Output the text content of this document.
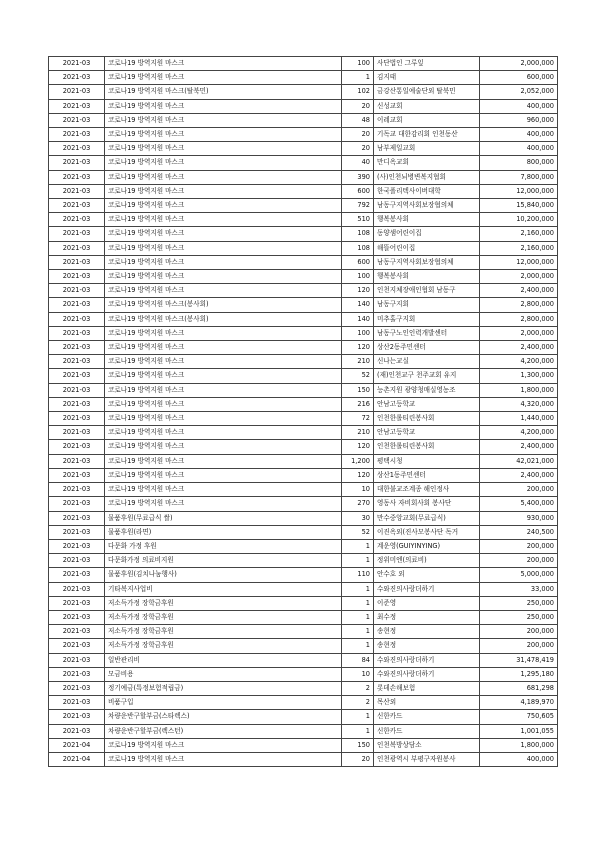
2021-03	코로나19 방역지원 마스크	100	사단법인 그루잎	2,000,000
2021-03	코로나19 방역지원 마스크	1	김지태	600,000
2021-03	코로나19 방역지원 마스크(탈북민)	102	금강산통일예술단외 탈북민	2,052,000
2021-03	코로나19 방역지원 마스크	20	신성교회	400,000
2021-03	코로나19 방역지원 마스크	48	이레교회	960,000
2021-03	코로나19 방역지원 마스크	20	기독교 대한감리회 인천동산	400,000
2021-03	코로나19 방역지원 마스크	20	남부제일교회	400,000
2021-03	코로나19 방역지원 마스크	40	만디옥교회	800,000
2021-03	코로나19 방역지원 마스크	390	(사)인천뇌병변복지협회	7,800,000
2021-03	코로나19 방역지원 마스크	600	한국폴리텍사이버대학	12,000,000
2021-03	코로나19 방역지원 마스크	792	남동구지역사회보장협의체	15,840,000
2021-03	코로나19 방역지원 마스크	510	행복봉사회	10,200,000
2021-03	코로나19 방역지원 마스크	108	동양샘어린이집	2,160,000
2021-03	코로나19 방역지원 마스크	108	해뜰어린이집	2,160,000
2021-03	코로나19 방역지원 마스크	600	남동구지역사회보장협의체	12,000,000
2021-03	코로나19 방역지원 마스크	100	행복봉사회	2,000,000
2021-03	코로나19 방역지원 마스크	120	인천지체장애인협회 남동구	2,400,000
2021-03	코로나19 방역지원 마스크(봉사회)	140	남동구지회	2,800,000
2021-03	코로나19 방역지원 마스크(봉사회)	140	미추홀구지회	2,800,000
2021-03	코로나19 방역지원 마스크	100	남동구노인인력개발센터	2,000,000
2021-03	코로나19 방역지원 마스크	120	상산2동주민센터	2,400,000
2021-03	코로나19 방역지원 마스크	210	신나는교실	4,200,000
2021-03	코로나19 방역지원 마스크	52	(재)인천교구 천주교회 유지	1,300,000
2021-03	코로나19 방역지원 마스크	150	능촌지원 광양청매실영농조	1,800,000
2021-03	코로나19 방역지원 마스크	216	안남고등학교	4,320,000
2021-03	코로나19 방역지원 마스크	72	인천한롤티린봉사회	1,440,000
2021-03	코로나19 방역지원 마스크	210	안남고등학교	4,200,000
2021-03	코로나19 방역지원 마스크	120	인천한롤티린봉사회	2,400,000
2021-03	코로나19 방역지원 마스크	1,200	평택시청	42,021,000
2021-03	코로나19 방역지원 마스크	120	상산1동주민센터	2,400,000
2021-03	코로나19 방역지원 마스크	10	대한불교조계종 해인정사	200,000
2021-03	코로나19 방역지원 마스크	270	영동사 자비회사회 봉사단	5,400,000
2021-03	물품후원(무료급식 쌀)	30	만수중앙교회(무료급식)	930,000
2021-03	물품후원(라면)	52	이진옥외(진사모봉사단 독거	240,500
2021-03	다문화 가정 후원	1	계운영(GUIYINYING)	200,000
2021-03	다문화가정 의료비지원	1	정위미엔(의료비)	200,000
2021-03	물품후원(김치나눔행사)	110	안수호 외	5,000,000
2021-03	기타복지사업비	1	수와진의사랑더하기	33,000
2021-03	저소득가정 장학금후원	1	이준영	250,000
2021-03	저소득가정 장학금후원	1	최수정	250,000
2021-03	저소득가정 장학금후원	1	송현정	200,000
2021-03	저소득가정 장학금후원	1	송현정	200,000
2021-03	일반관리비	84	수와진의사랑더하기	31,478,419
2021-03	모금비용	10	수와진의사랑더하기	1,295,180
2021-03	정기예금(특정보험적립금)	2	롯데손해보험	681,298
2021-03	비품구입	2	목산외	4,189,970
2021-03	차량운반구할부금(스타렉스)	1	신한카드	750,605
2021-03	차량운반구할부금(렉스턴)	1	신한카드	1,001,055
2021-04	코로나19 방역지원 마스크	150	인천복방상담소	1,800,000
2021-04	코로나19 방역지원 마스크	20	인천광역시 부평구자원봉사	400,000
